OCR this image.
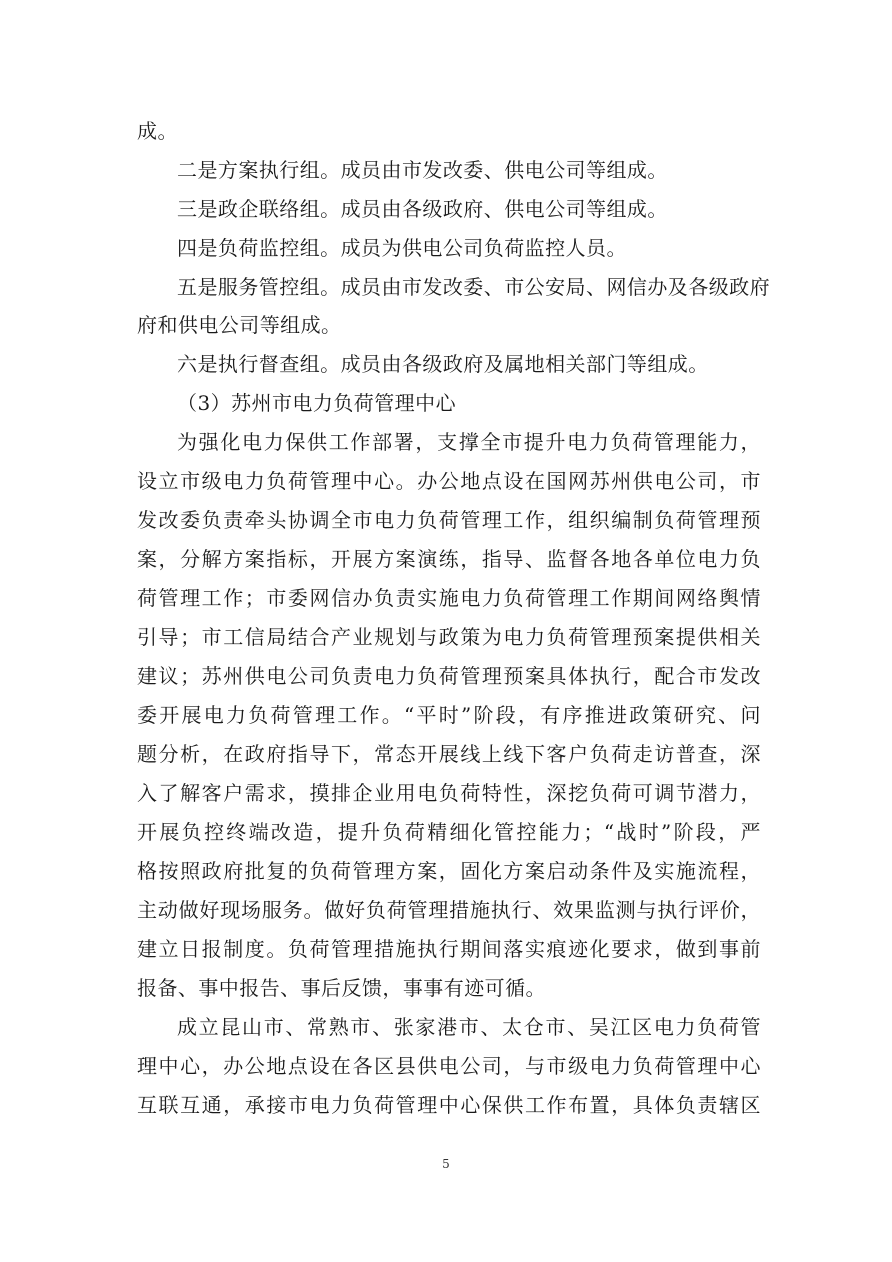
成。
二是方案执行组。成员由市发改委、供电公司等组成。
三是政企联络组。成员由各级政府、供电公司等组成。
四是负荷监控组。成员为供电公司负荷监控人员。
五是服务管控组。成员由市发改委、市公安局、网信办及各级政府
府和供电公司等组成。
六是执行督查组。成员由各级政府及属地相关部门等组成。
（3）苏州市电力负荷管理中心
为强化电力保供工作部署，支撑全市提升电力负荷管理能力，
设立市级电力负荷管理中心。办公地点设在国网苏州供电公司，市
发改委负责牵头协调全市电力负荷管理工作，组织编制负荷管理预
案，分解方案指标，开展方案演练，指导、监督各地各单位电力负
荷管理工作；市委网信办负责实施电力负荷管理工作期间网络舆情
引导；市工信局结合产业规划与政策为电力负荷管理预案提供相关
建议；苏州供电公司负责电力负荷管理预案具体执行，配合市发改
委开展电力负荷管理工作。“平时”阶段，有序推进政策研究、问
题分析，在政府指导下，常态开展线上线下客户负荷走访普查，深
入了解客户需求，摸排企业用电负荷特性，深挖负荷可调节潜力，
开展负控终端改造，提升负荷精细化管控能力；“战时”阶段，严
格按照政府批复的负荷管理方案，固化方案启动条件及实施流程，
主动做好现场服务。做好负荷管理措施执行、效果监测与执行评价，
建立日报制度。负荷管理措施执行期间落实痕迹化要求，做到事前
报备、事中报告、事后反馈，事事有迹可循。
成立昆山市、常熟市、张家港市、太仓市、吴江区电力负荷管
理中心，办公地点设在各区县供电公司，与市级电力负荷管理中心
互联互通，承接市电力负荷管理中心保供工作布置，具体负责辖区
5
